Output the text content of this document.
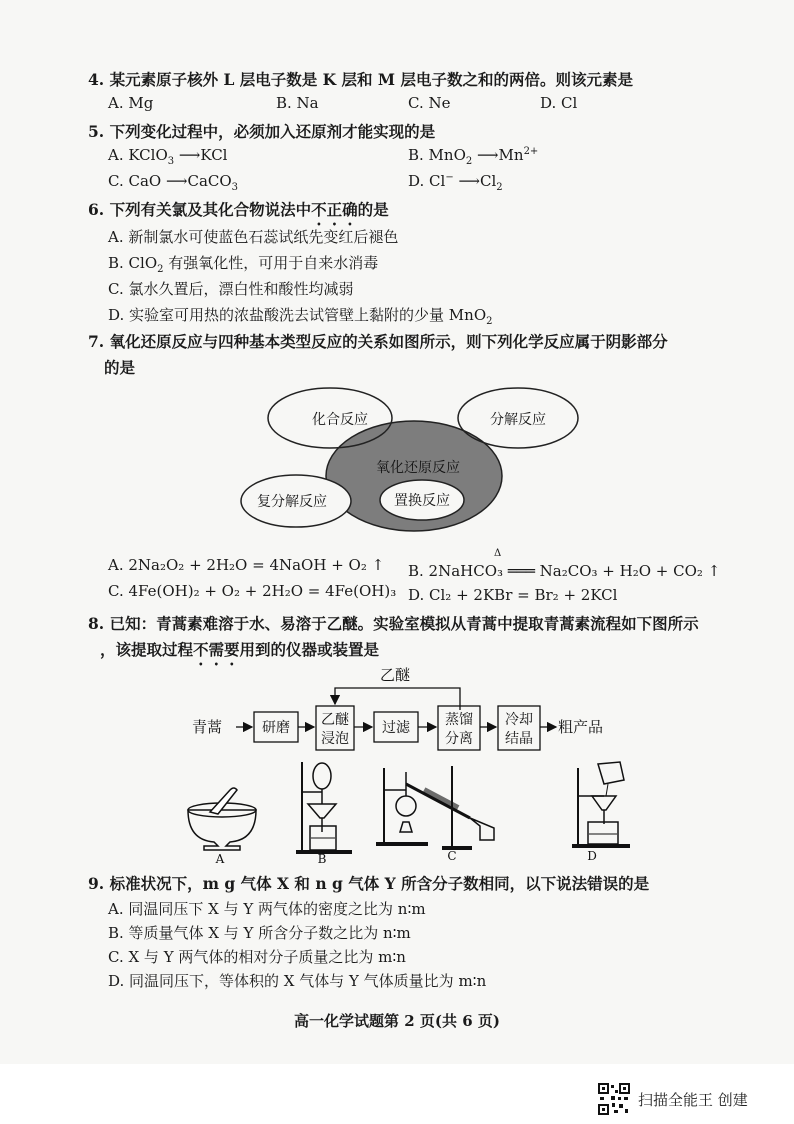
4. 某元素原子核外 L 层电子数是 K 层和 M 层电子数之和的两倍。则该元素是
A. Mg	B. Na	C. Ne	D. Cl
5. 下列变化过程中，必须加入还原剂才能实现的是
A. KClO$_3$ ⟶KCl	B. MnO$_2$ $⟶Mn^{2+}$
C. CaO ⟶CaCO$_3$	D. Cl− $⟶Cl_2$
6. 下列有关氯及其化合物说法中不正确的是
A. 新制氯水可使蓝色石蕊试纸先变红后褪色
B. ClO$_2$ 有强氧化性，可用于自来水消毒
C. 氯水久置后，漂白性和酸性均减弱
D. 实验室可用热的浓盐酸洗去试管壁上黏附的少量 MnO$_2$
7. 氧化还原反应与四种基本类型反应的关系如图所示，则下列化学反应属于阴影部分
的是
化合反应	分解反应
氧化还原反应
复分解反应	置换反应
A. 2Na₂O₂ + 2H₂O = 4NaOH + O₂ ↑ B. 2NaHCO₃ ═══ Na₂CO₃ + H₂O + CO₂ ↑
Δ
C. 4Fe(OH)₂ + O₂ + 2H₂O = 4Fe(OH)₃ D. Cl₂ + 2KBr = Br₂ + 2KCl
8. 已知：青蒿素难溶于水、易溶于乙醚。实验室模拟从青蒿中提取青蒿素流程如下图所示
，该提取过程不需要用到的仪器或装置是
乙醚
青蒿	研磨 乙醚
浸泡
过滤	蒸馏
分离
冷却
结晶
粗产品
A	B	C	D
9. 标准状况下，m g 气体 X 和 n g 气体 Y 所含分子数相同，以下说法错误的是
A. 同温同压下 X 与 Y 两气体的密度之比为 n∶m
B. 等质量气体 X 与 Y 所含分子数之比为 n∶m
C. X 与 Y 两气体的相对分子质量之比为 m∶n
D. 同温同压下，等体积的 X 气体与 Y 气体质量比为 m∶n
高一化学试题第 2 页(共 6 页)
扫描全能王 创建
